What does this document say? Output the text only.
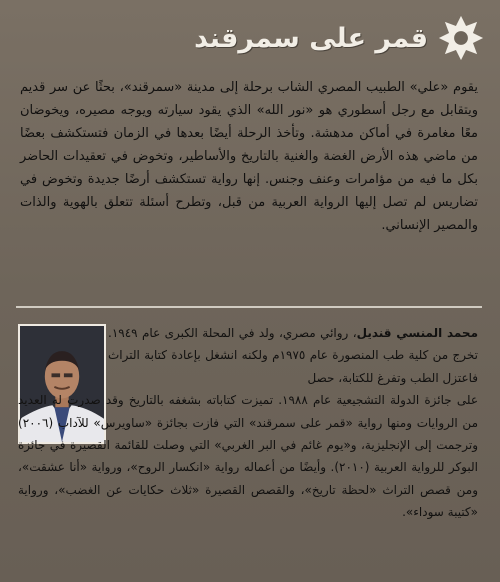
قمر على سمرقند

يقوم «علي» الطبيب المصري الشاب برحلة إلى مدينة «سمرقند»، بحثًا عن سر قديم ويتقابل مع رجل أسطوري هو «نور الله» الذي يقود سيارته ويوجه مصيره، ويخوضان معًا مغامرة في أماكن مدهشة. وتأخذ الرحلة أيضًا بعدها في الزمان فتستكشف بعضًا من ماضي هذه الأرض الغضة والغنية بالتاريخ والأساطير، وتخوض في تعقيدات الحاضر بكل ما فيه من مؤامرات وعنف وجنس. إنها رواية تستكشف أرضًا جديدة وتخوض في تضاريس لم تصل إليها الرواية العربية من قبل، وتطرح أسئلة تتعلق بالهوية والذات والمصير الإنساني.

محمد المنسي قنديل، روائي مصري، ولد في المحلة الكبرى عام ١٩٤٩. تخرج من كلية طب المنصورة عام ١٩٧٥م ولكنه انشغل بإعادة كتابة التراث فاعتزل الطب وتفرغ للكتابة، حصل
على جائزة الدولة التشجيعية عام ١٩٨٨. تميزت كتاباته بشغفه بالتاريخ وقد صدرت له العديد من الروايات ومنها رواية «قمر على سمرقند» التي فازت بجائزة «ساويرس» للآداب (٢٠٠٦) وترجمت إلى الإنجليزية، و«يوم غائم في البر الغربي» التي وصلت للقائمة القصيرة في جائزة البوكر للرواية العربية (٢٠١٠). وأيضًا من أعماله رواية «انكسار الروح»، ورواية «أنا عشقت»، ومن قصص التراث «لحظة تاريخ»، والقصص القصيرة «ثلاث حكايات عن الغضب»، ورواية «كتيبة سوداء».
